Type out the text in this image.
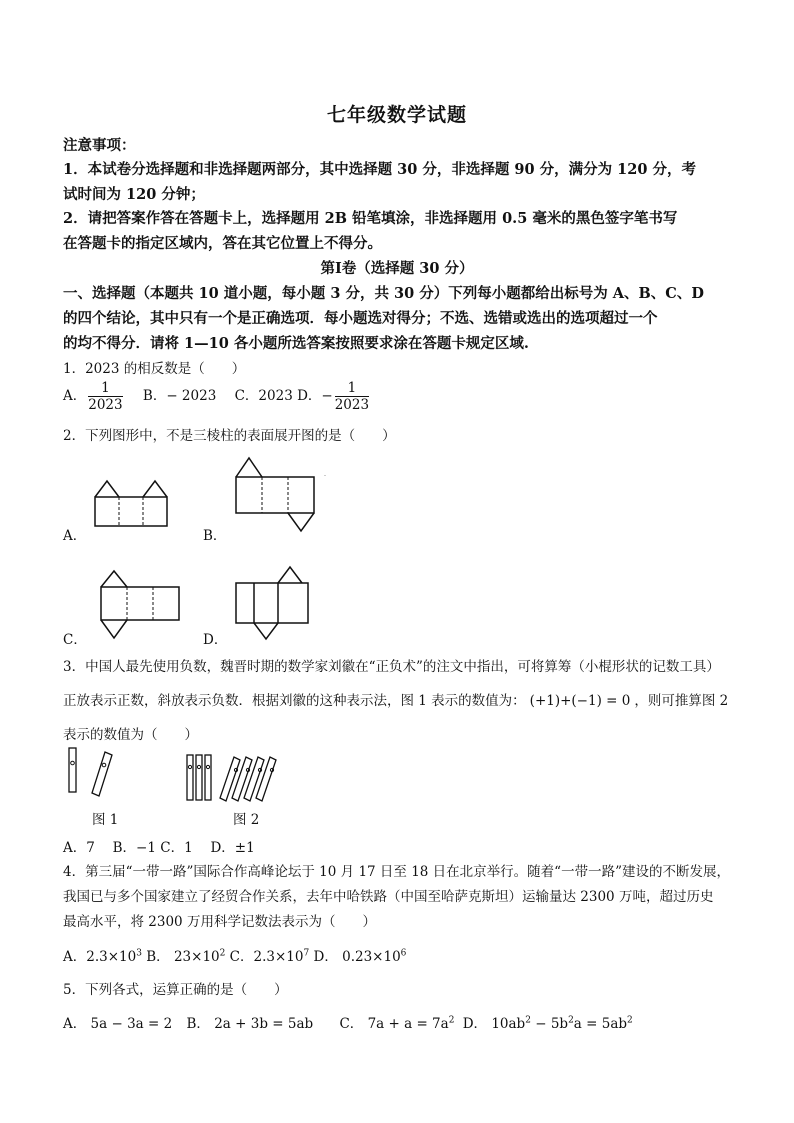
七年级数学试题
注意事项：
1．本试卷分选择题和非选择题两部分，其中选择题 30 分，非选择题 90 分，满分为 120 分，考
试时间为 120 分钟；
2．请把答案作答在答题卡上，选择题用 2B 铅笔填涂，非选择题用 0.5 毫米的黑色签字笔书写
在答题卡的指定区域内，答在其它位置上不得分。
第Ⅰ卷（选择题 30 分）
一、选择题（本题共 10 道小题，每小题 3 分，共 30 分）下列每小题都给出标号为 A、B、C、D
的四个结论，其中只有一个是正确选项．每小题选对得分；不选、选错或选出的选项超过一个
的均不得分．请将 1—10 各小题所选答案按照要求涂在答题卡规定区域.
1．2023 的相反数是（　　）
A． $\frac{1}{2023}$ B．− 2023 C．2023 D．− $\frac{1}{2023}$
2．下列图形中，不是三棱柱的表面展开图的是（　　）
A．	B．
C．	D．
3．中国人最先使用负数，魏晋时期的数学家刘徽在“正负术”的注文中指出，可将算筹（小棍形状的记数工具）
正放表示正数，斜放表示负数．根据刘徽的这种表示法，图 1 表示的数值为： (+1)+(−1) = 0 ，则可推算图 2
表示的数值为（　　）
图 1	图 2
A．7　 B．−1 C．1 　D．±1
4．第三届“一带一路”国际合作高峰论坛于 10 月 17 日至 18 日在北京举行。随着“一带一路”建设的不断发展，
我国已与多个国家建立了经贸合作关系，去年中哈铁路（中国至哈萨克斯坦）运输量达 2300 万吨，超过历史
最高水平，将 2300 万用科学记数法表示为（　　）
A．$2.3\times 10^3$ B． $23\times 10^2$ C．$2.3\times 10^7$ D． $0.23\times 10^6$
5．下列各式，运算正确的是（　　）
A． 5a − 3a = 2 B． 2a + 3b = 5ab C． $7a + a = 7a^2$ D． $10ab^2 - 5b^2a = 5ab^2$
